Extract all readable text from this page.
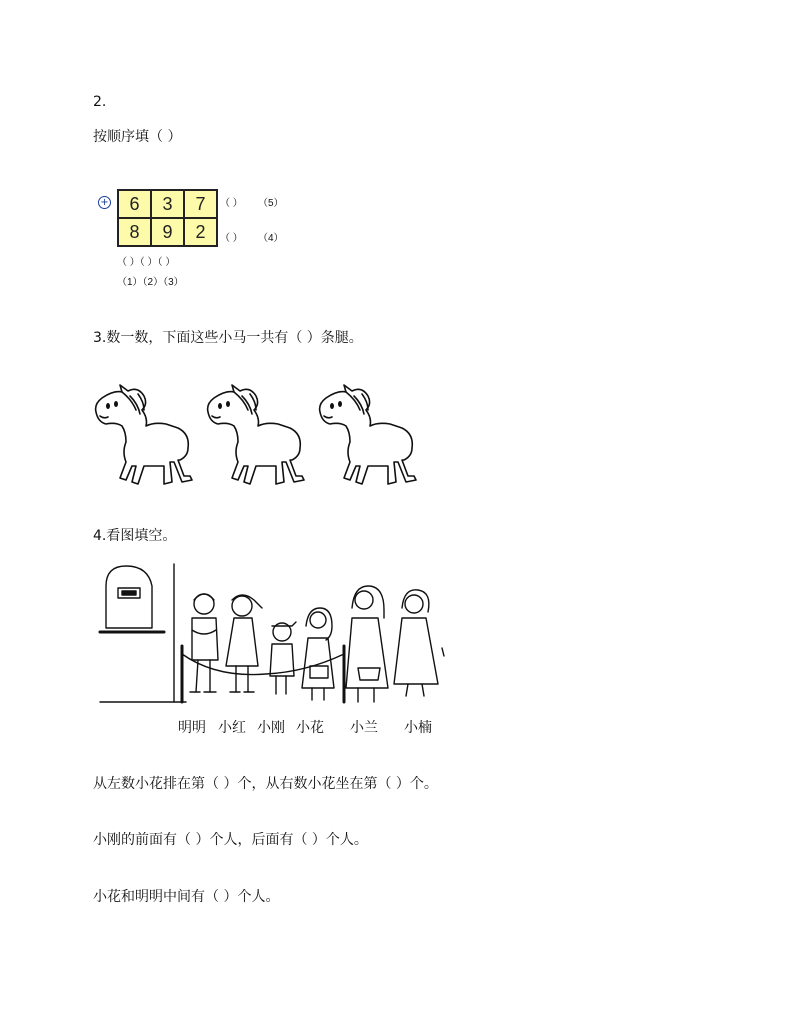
2.
按顺序填（ ）
+	6	3	7
8	9	2
（ ） （5）
（ ） （4）
（ ）（ ）（ ）
（1）（2）（3）
3.数一数，下面这些小马一共有（ ）条腿。
4.看图填空。
明明 小红 小刚 小花 小兰 小楠
从左数小花排在第（ ）个，从右数小花坐在第（ ）个。
小刚的前面有（ ）个人，后面有（ ）个人。
小花和明明中间有（ ）个人。
